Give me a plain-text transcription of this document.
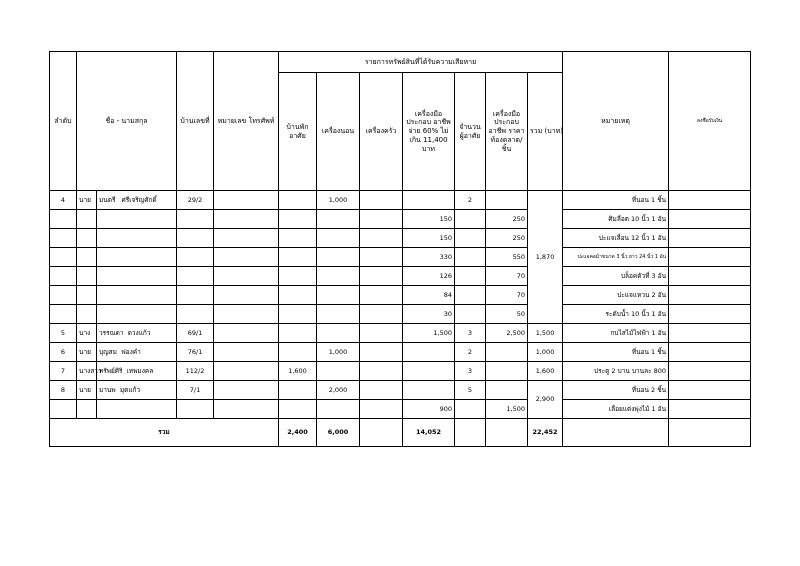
ลำดับ	ชื่อ - นามสกุล		บ้านเลขที่	หมายเลข โทรศัพท์	รายการทรัพย์สินที่ได้รับความเสียหาย							หมายเหตุ	ลงชื่อรับเงิน
					บ้านพัก อาศัย	เครื่องนอน	เครื่องครัว	เครื่องมือ ประกอบ อาชีพ จ่าย 60% ไม่ เกิน 11,400 บาท	จำนวน ผู้อาศัย	เครื่องมือ ประกอบ อาชีพ ราคา ท้องตลาด/ ชิ้น	รวม (บาท)		
4	นาย	มนตรี ศรีเจริญศักดิ์	29/2			1,000			2		1,870	ที่นอน 1 ชิ้น	
								150		250		ศิมลี่อต 10 นิ้ว 1 อัน	
								150		250		ปะแจเลื่อน 12 นิ้ว 1 อัน	
								330		550		ปะแจคอม้าขนาด 3 นิ้ว ยาว 24 นิ้ว 1 อัน	
								126		70		บล็อคตัวที่ 3 อัน	
								84		70		ปะแจแหวน 2 อัน	
								30		50		ระดับน้ำ 10 นิ้ว 1 อัน	
5	นาง	วรรณดา ดวงแก้ว	69/1					1,500	3	2,500	1,500	กบไสไม้ไฟฟ้า 1 อัน	
6	นาย	บุญสม ฟองคำ	76/1			1,000			2		1,000	ที่นอน 1 ชิ้น	
7	นางสาว	ทรัพย์ศิริ เทพมงคล	112/2		1,600				3		1,600	ประตู 2 บาน บานละ 800	
8	นาย	มานพ มุตแก้ว	7/1			2,000			5		2,900	ที่นอน 2 ชิ้น	
								900		1,500		เลื่อยแต่งพุ่งไม้ 1 อัน	
รวม					2,400	6,000		14,052			22,452		
